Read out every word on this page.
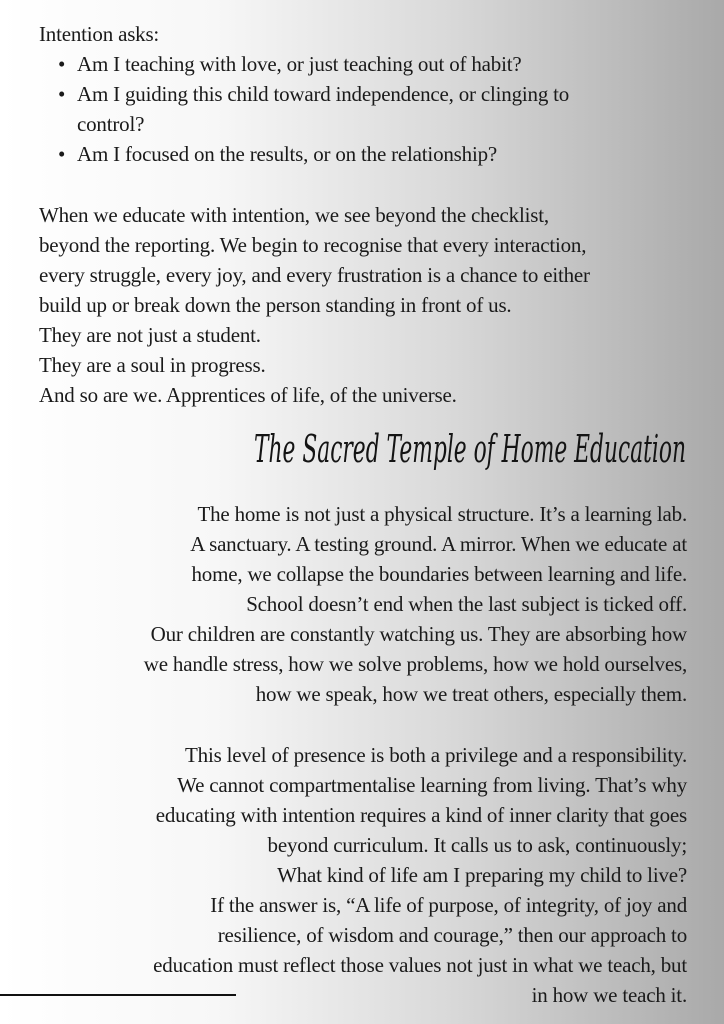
Intention asks:

• Am I teaching with love, or just teaching out of habit?
• Am I guiding this child toward independence, or clinging to
control?
• Am I focused on the results, or on the relationship?
When we educate with intention, we see beyond the checklist,
beyond the reporting. We begin to recognise that every interaction,
every struggle, every joy, and every frustration is a chance to either
build up or break down the person standing in front of us.
They are not just a student.
They are a soul in progress.
And so are we. Apprentices of life, of the universe.
The Sacred Temple of Home Education
The home is not just a physical structure. It’s a learning lab.
A sanctuary. A testing ground. A mirror. When we educate at
home, we collapse the boundaries between learning and life.
School doesn’t end when the last subject is ticked off.
Our children are constantly watching us. They are absorbing how
we handle stress, how we solve problems, how we hold ourselves,
how we speak, how we treat others, especially them.
This level of presence is both a privilege and a responsibility.
We cannot compartmentalise learning from living. That’s why
educating with intention requires a kind of inner clarity that goes
beyond curriculum. It calls us to ask, continuously;
What kind of life am I preparing my child to live?
If the answer is, “A life of purpose, of integrity, of joy and
resilience, of wisdom and courage,” then our approach to
education must reflect those values not just in what we teach, but
in how we teach it.
